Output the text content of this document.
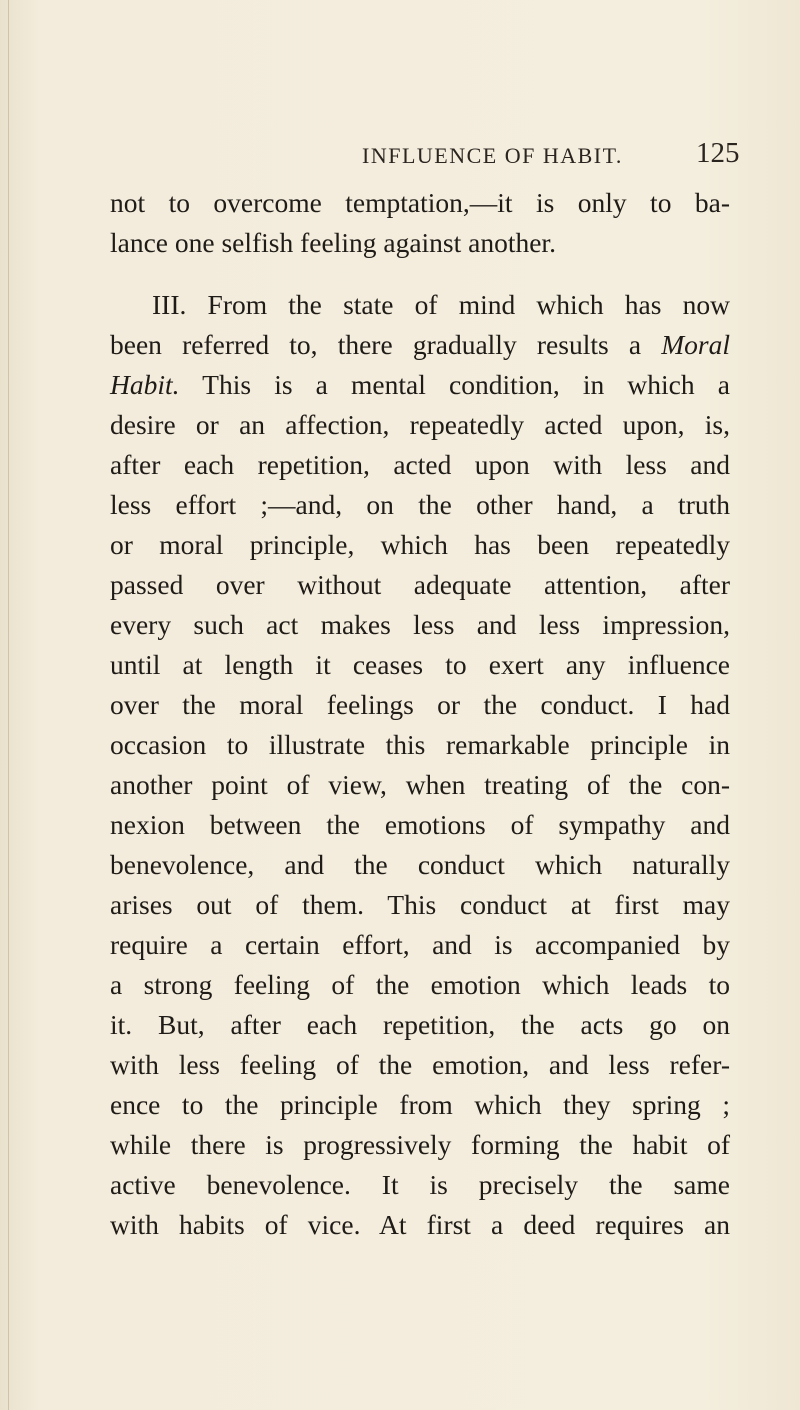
INFLUENCE OF HABIT.	125
not to overcome temptation,—it is only to ba-
lance one selfish feeling against another.
III. From the state of mind which has now
been referred to, there gradually results a Moral
Habit. This is a mental condition, in which a
desire or an affection, repeatedly acted upon, is,
after each repetition, acted upon with less and
less effort ;—and, on the other hand, a truth
or moral principle, which has been repeatedly
passed over without adequate attention, after
every such act makes less and less impression,
until at length it ceases to exert any influence
over the moral feelings or the conduct. I had
occasion to illustrate this remarkable principle in
another point of view, when treating of the con-
nexion between the emotions of sympathy and
benevolence, and the conduct which naturally
arises out of them. This conduct at first may
require a certain effort, and is accompanied by
a strong feeling of the emotion which leads to
it. But, after each repetition, the acts go on
with less feeling of the emotion, and less refer-
ence to the principle from which they spring ;
while there is progressively forming the habit of
active benevolence. It is precisely the same
with habits of vice. At first a deed requires an
